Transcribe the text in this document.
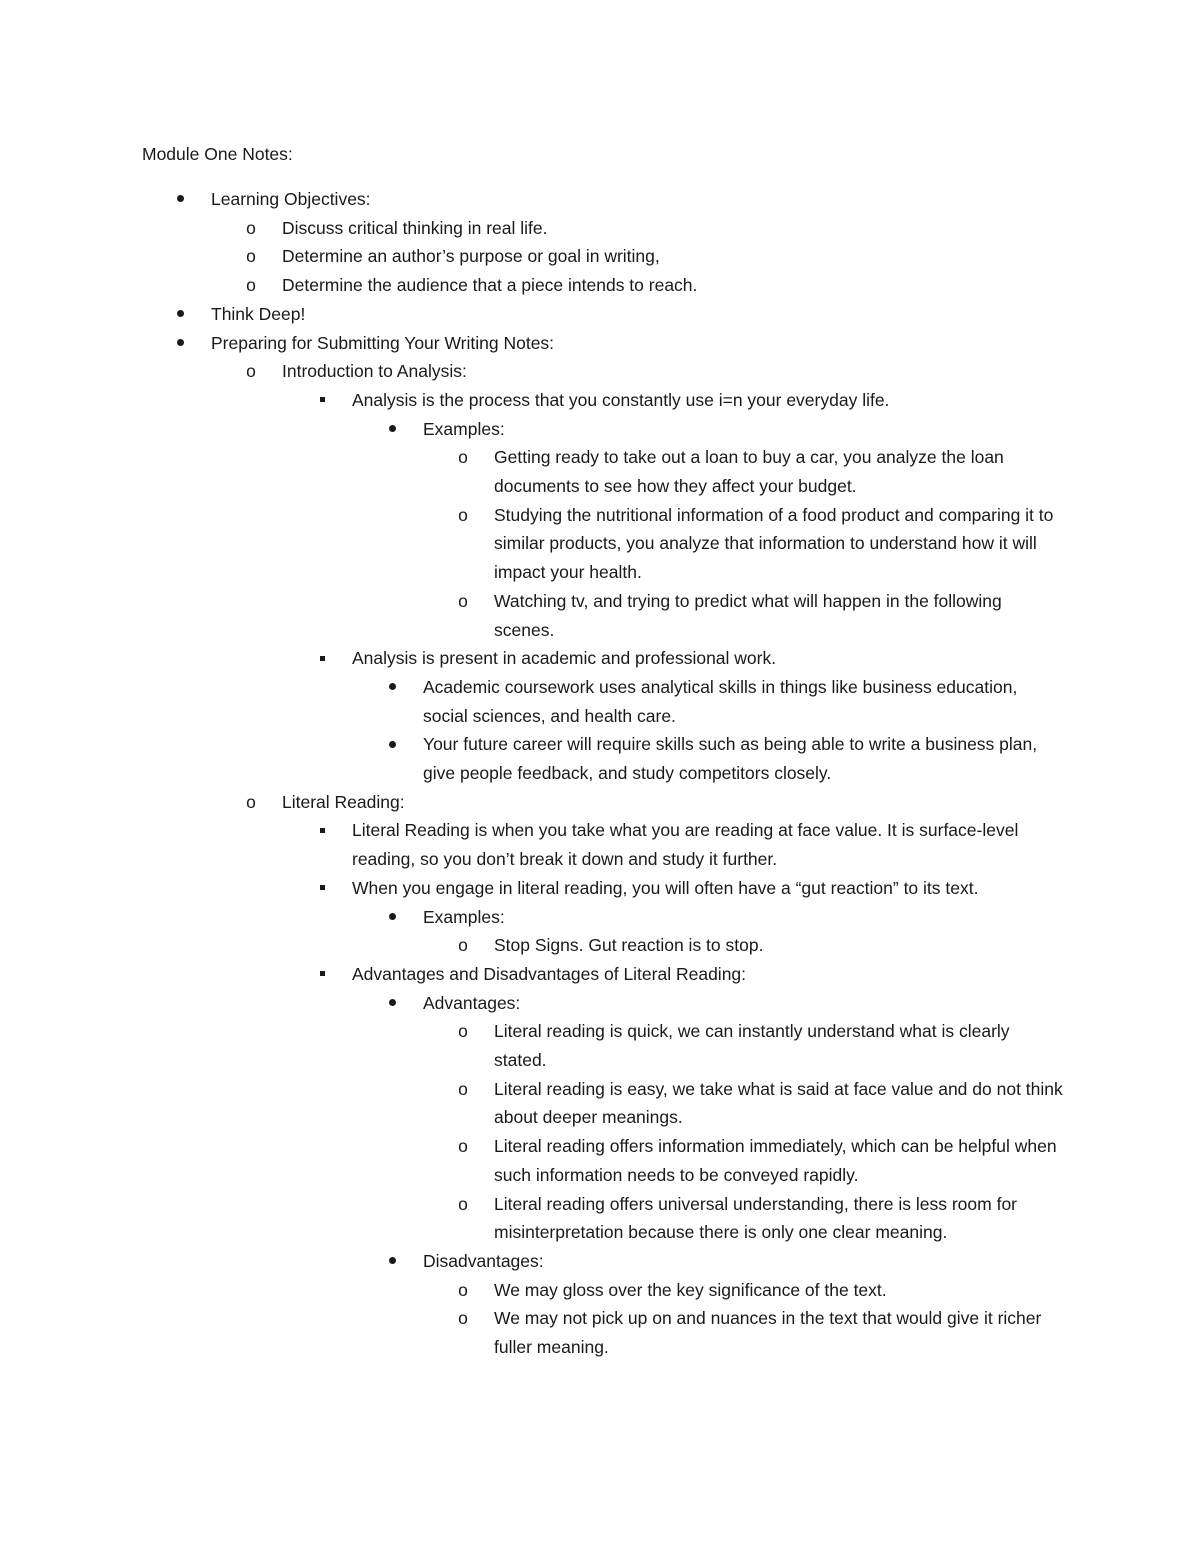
Module One Notes:
Learning Objectives:
o Discuss critical thinking in real life.
o Determine an author’s purpose or goal in writing,
o Determine the audience that a piece intends to reach.
Think Deep!
Preparing for Submitting Your Writing Notes:
o Introduction to Analysis:
Analysis is the process that you constantly use i=n your everyday life.
Examples:
o Getting ready to take out a loan to buy a car, you analyze the loan documents to see how they affect your budget.
o Studying the nutritional information of a food product and comparing it to similar products, you analyze that information to understand how it will impact your health.
o Watching tv, and trying to predict what will happen in the following scenes.
Analysis is present in academic and professional work.
Academic coursework uses analytical skills in things like business education, social sciences, and health care.
Your future career will require skills such as being able to write a business plan, give people feedback, and study competitors closely.
o Literal Reading:
Literal Reading is when you take what you are reading at face value. It is surface-level reading, so you don’t break it down and study it further.
When you engage in literal reading, you will often have a “gut reaction” to its text.
Examples:
o Stop Signs. Gut reaction is to stop.
Advantages and Disadvantages of Literal Reading:
Advantages:
o Literal reading is quick, we can instantly understand what is clearly stated.
o Literal reading is easy, we take what is said at face value and do not think about deeper meanings.
o Literal reading offers information immediately, which can be helpful when such information needs to be conveyed rapidly.
o Literal reading offers universal understanding, there is less room for misinterpretation because there is only one clear meaning.
Disadvantages:
o We may gloss over the key significance of the text.
o We may not pick up on and nuances in the text that would give it richer fuller meaning.
